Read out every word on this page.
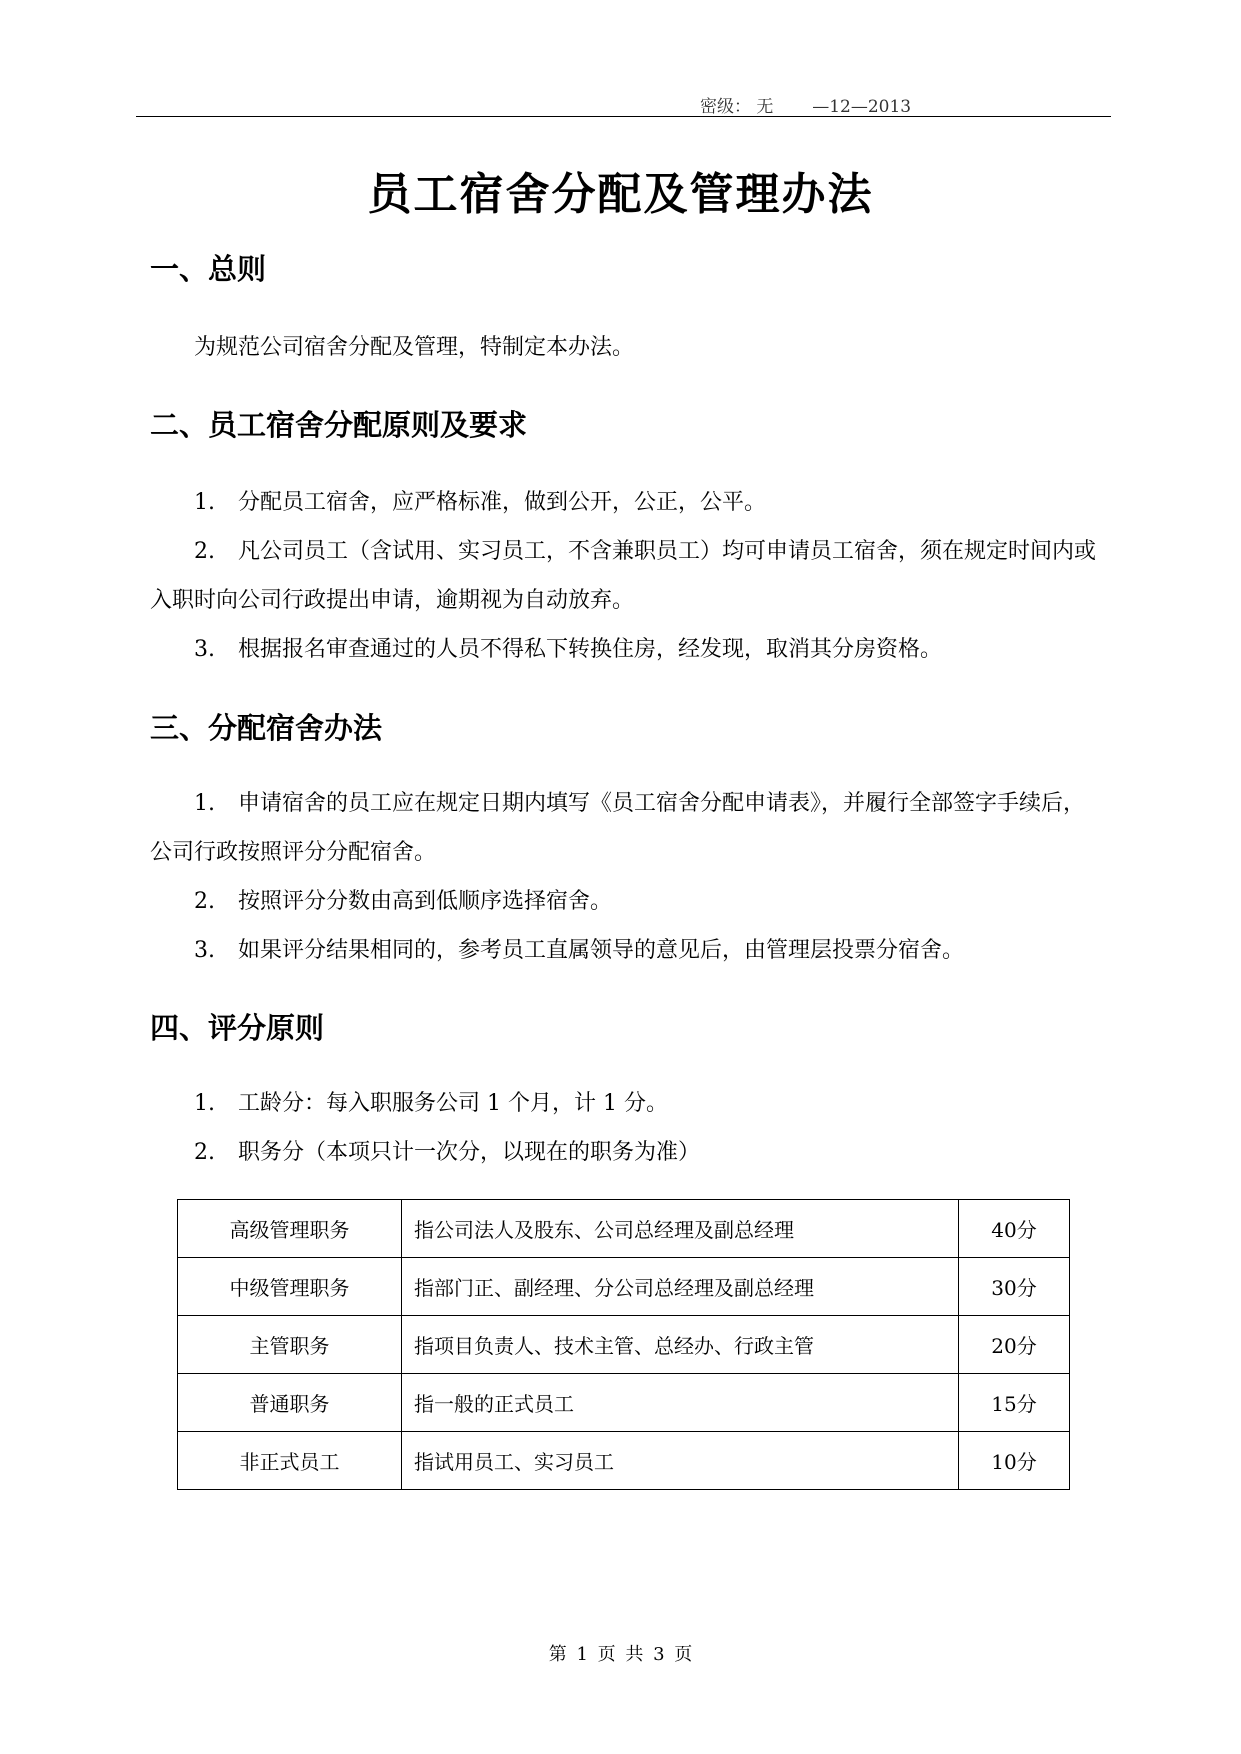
密级： 无 —12—2013
员工宿舍分配及管理办法
一、总则
为规范公司宿舍分配及管理，特制定本办法。
二、员工宿舍分配原则及要求
1. 分配员工宿舍，应严格标准，做到公开，公正，公平。
2. 凡公司员工（含试用、实习员工，不含兼职员工）均可申请员工宿舍，须在规定时间内或入职时向公司行政提出申请，逾期视为自动放弃。
3. 根据报名审查通过的人员不得私下转换住房，经发现，取消其分房资格。
三、分配宿舍办法
1. 申请宿舍的员工应在规定日期内填写《员工宿舍分配申请表》，并履行全部签字手续后，公司行政按照评分分配宿舍。
2. 按照评分分数由高到低顺序选择宿舍。
3. 如果评分结果相同的，参考员工直属领导的意见后，由管理层投票分宿舍。
四、评分原则
1. 工龄分：每入职服务公司 1 个月，计 1 分。
2. 职务分（本项只计一次分，以现在的职务为准）
高级管理职务	指公司法人及股东、公司总经理及副总经理	40分
中级管理职务	指部门正、副经理、分公司总经理及副总经理	30分
主管职务	指项目负责人、技术主管、总经办、行政主管	20分
普通职务	指一般的正式员工	15分
非正式员工	指试用员工、实习员工	10分
第 1 页 共 3 页
